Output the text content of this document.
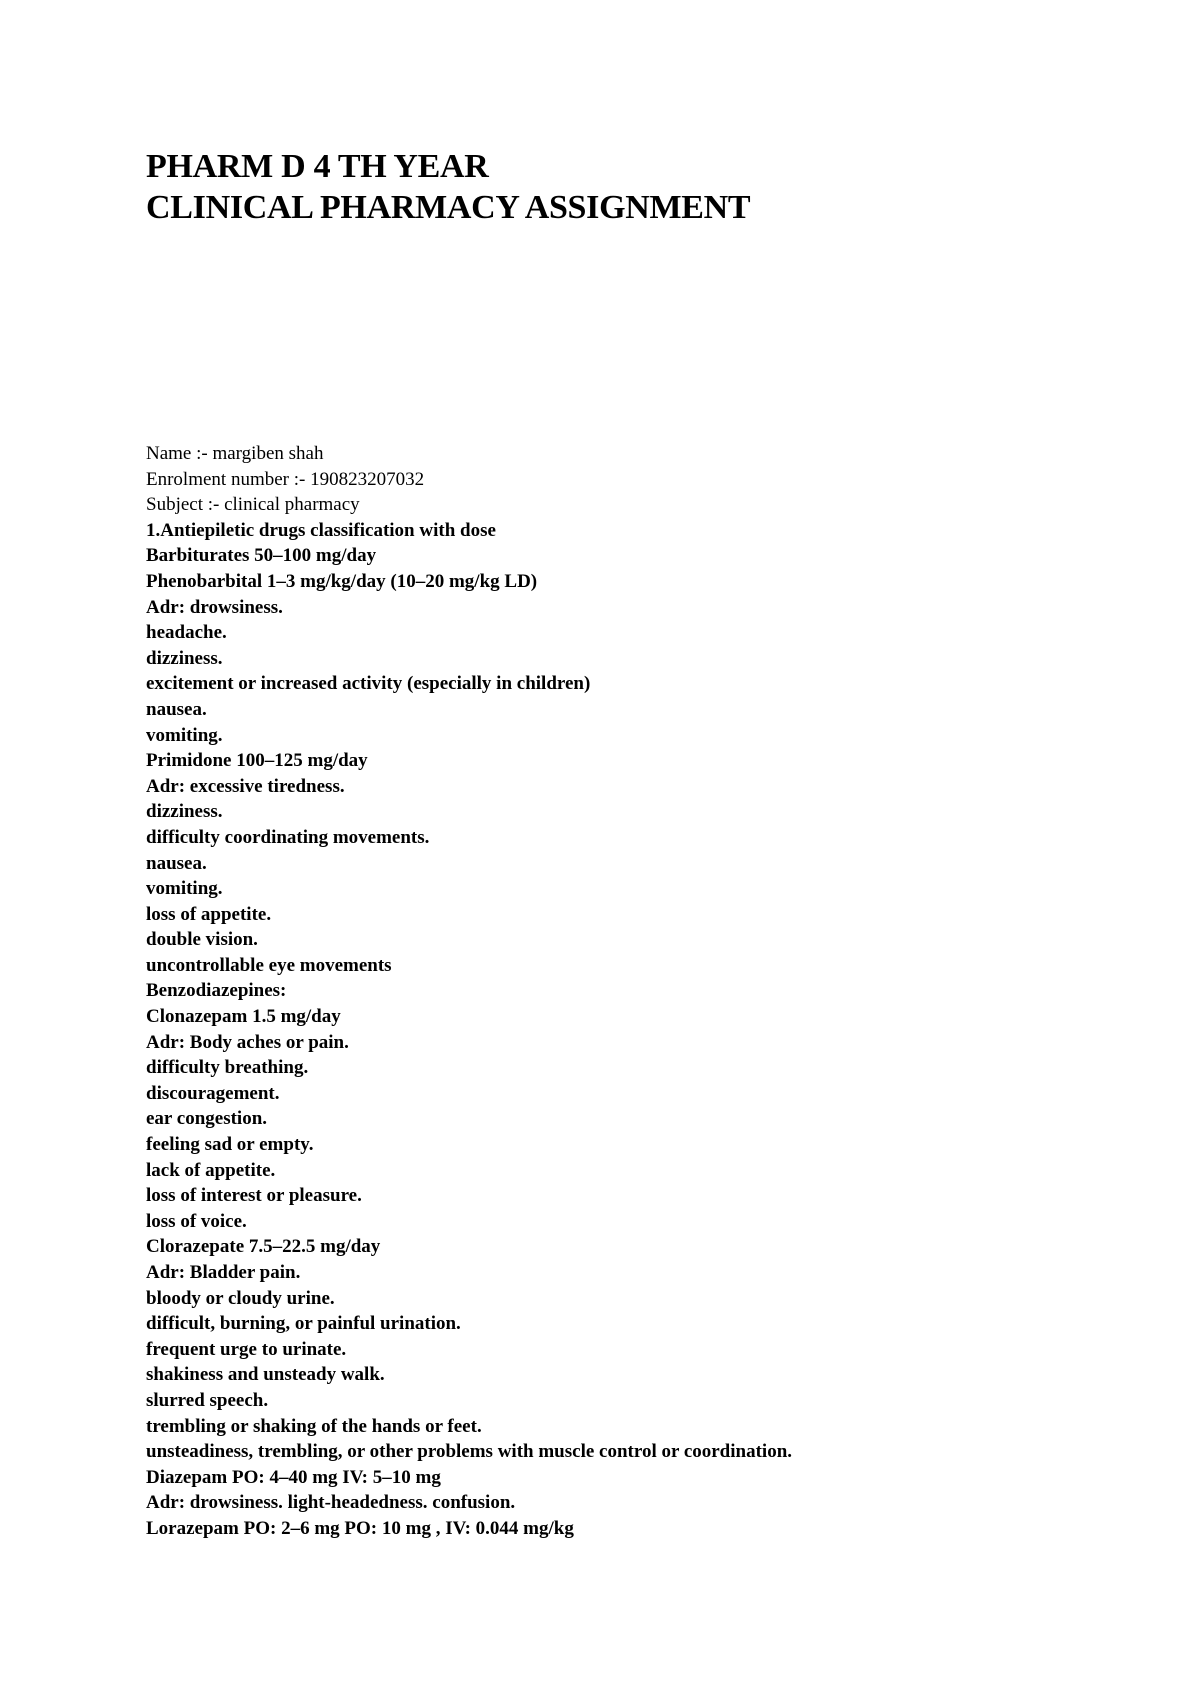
PHARM D 4 TH YEAR
CLINICAL PHARMACY ASSIGNMENT
Name :- margiben shah
Enrolment number :- 190823207032
Subject :- clinical pharmacy
1.Antiepiletic drugs classification with dose
Barbiturates 50–100 mg/day
Phenobarbital 1–3 mg/kg/day (10–20 mg/kg LD)
Adr: drowsiness.
headache.
dizziness.
excitement or increased activity (especially in children)
nausea.
vomiting.
Primidone 100–125 mg/day
Adr: excessive tiredness.
dizziness.
difficulty coordinating movements.
nausea.
vomiting.
loss of appetite.
double vision.
uncontrollable eye movements
Benzodiazepines:
Clonazepam 1.5 mg/day
Adr: Body aches or pain.
difficulty breathing.
discouragement.
ear congestion.
feeling sad or empty.
lack of appetite.
loss of interest or pleasure.
loss of voice.
Clorazepate 7.5–22.5 mg/day
Adr: Bladder pain.
bloody or cloudy urine.
difficult, burning, or painful urination.
frequent urge to urinate.
shakiness and unsteady walk.
slurred speech.
trembling or shaking of the hands or feet.
unsteadiness, trembling, or other problems with muscle control or coordination.
Diazepam PO: 4–40 mg IV: 5–10 mg
Adr: drowsiness. light-headedness. confusion.
Lorazepam PO: 2–6 mg PO: 10 mg , IV: 0.044 mg/kg
